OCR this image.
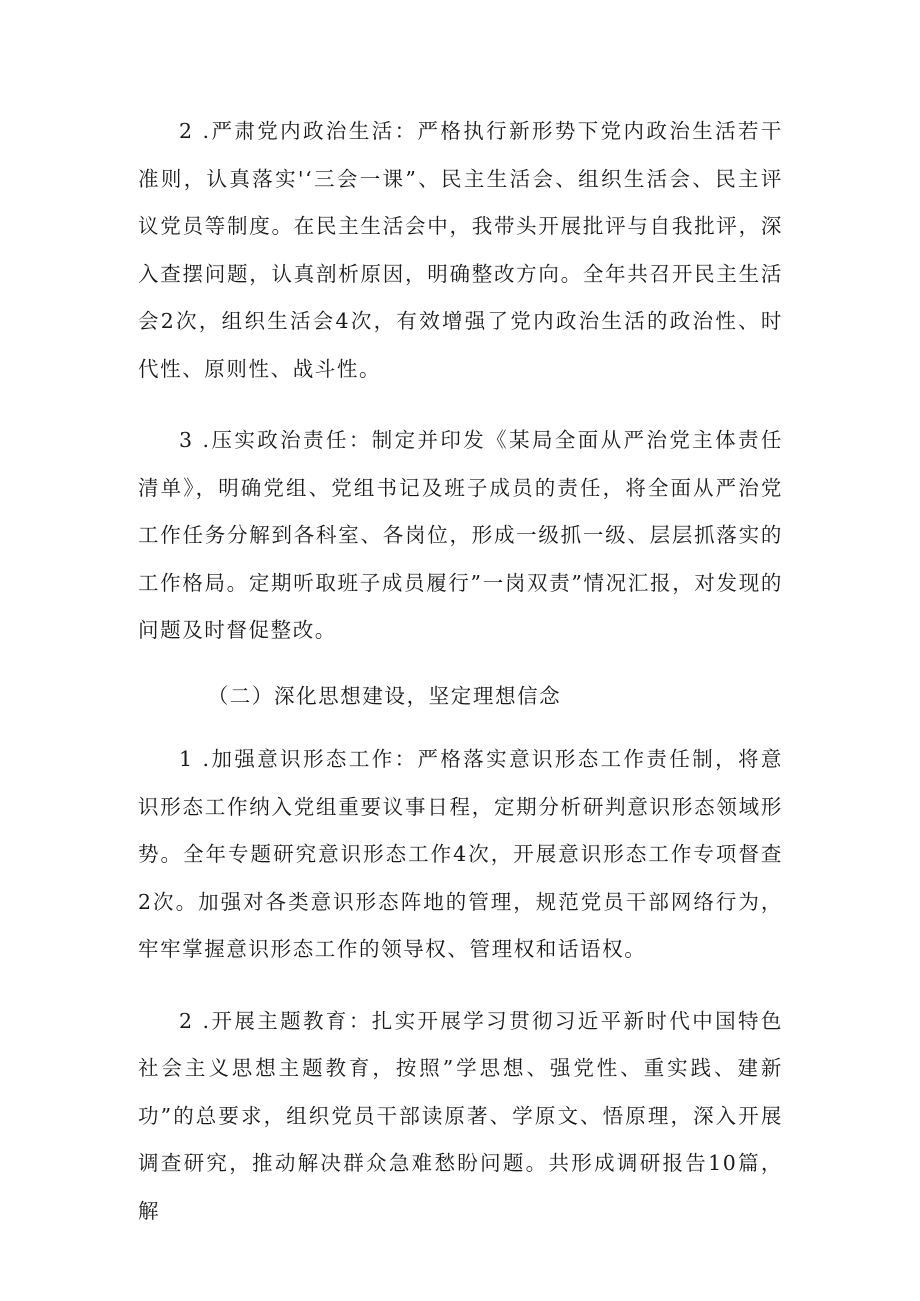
2 .严肃党内政治生活：严格执行新形势下党内政治生活若干准则，认真落实'‘三会一课”、民主生活会、组织生活会、民主评议党员等制度。在民主生活会中，我带头开展批评与自我批评，深入查摆问题，认真剖析原因，明确整改方向。全年共召开民主生活会2次，组织生活会4次，有效增强了党内政治生活的政治性、时代性、原则性、战斗性。

3 .压实政治责任：制定并印发《某局全面从严治党主体责任清单》，明确党组、党组书记及班子成员的责任，将全面从严治党工作任务分解到各科室、各岗位，形成一级抓一级、层层抓落实的工作格局。定期听取班子成员履行”一岗双责”情况汇报，对发现的问题及时督促整改。

（二）深化思想建设，坚定理想信念

1 .加强意识形态工作：严格落实意识形态工作责任制，将意识形态工作纳入党组重要议事日程，定期分析研判意识形态领域形势。全年专题研究意识形态工作4次，开展意识形态工作专项督查2次。加强对各类意识形态阵地的管理，规范党员干部网络行为，牢牢掌握意识形态工作的领导权、管理权和话语权。

2 .开展主题教育：扎实开展学习贯彻习近平新时代中国特色社会主义思想主题教育，按照”学思想、强党性、重实践、建新功”的总要求，组织党员干部读原著、学原文、悟原理，深入开展调查研究，推动解决群众急难愁盼问题。共形成调研报告10篇，解
